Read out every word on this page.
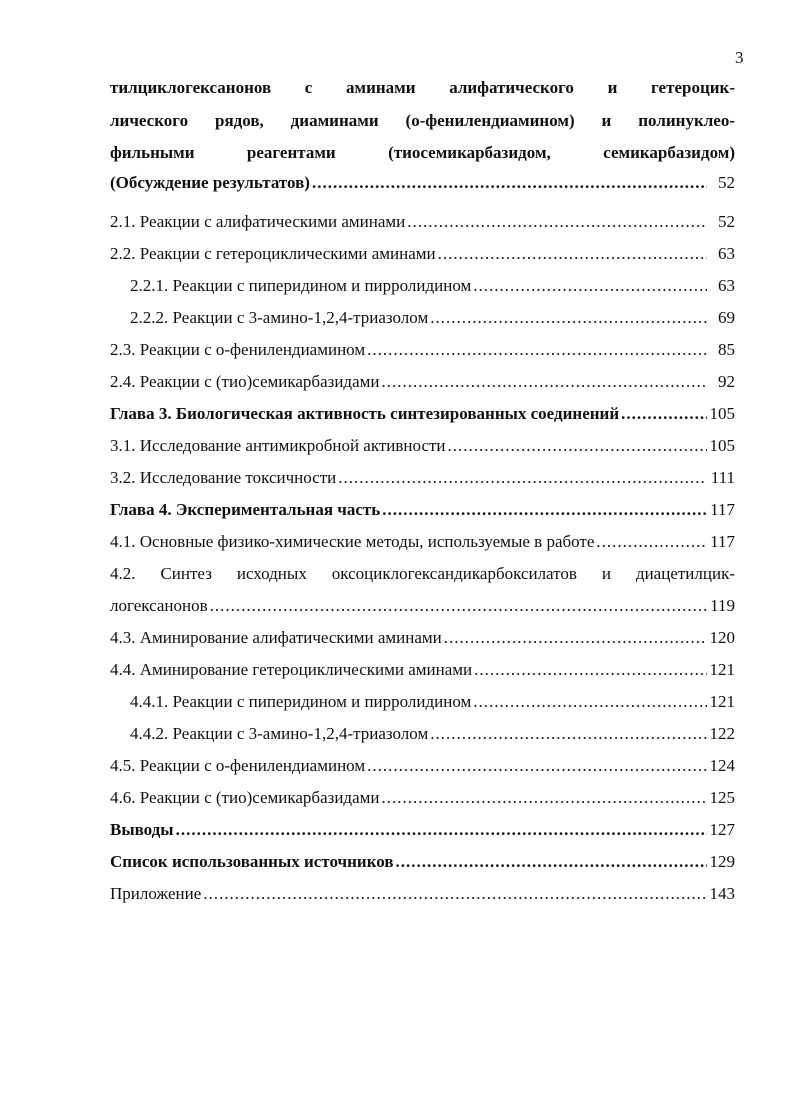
3
тилциклогексанонов с аминами алифатического и гетероцик-
лического рядов, диаминами (о-фенилендиамином) и полинуклео-
фильными реагентами (тиосемикарбазидом, семикарбазидом)
(Обсуждение результатов) .....	52
2.1. Реакции с алифатическими аминами .....	52
2.2. Реакции с гетероциклическими аминами .....	63
2.2.1. Реакции с пиперидином и пирролидином .....	63
2.2.2. Реакции с 3-амино-1,2,4-триазолом .....	69
2.3. Реакции с о-фенилендиамином .....	85
2.4. Реакции с (тио)семикарбазидами .....	92
Глава 3. Биологическая активность синтезированных соединений .....	105
3.1. Исследование антимикробной активности .....	105
3.2. Исследование токсичности .....	111
Глава 4. Экспериментальная часть .....	117
4.1. Основные физико-химические методы, используемые в работе .....	117
4.2. Синтез исходных оксоциклогександикарбоксилатов и диацетилцик-
логексанонов .....	119
4.3. Аминирование алифатическими аминами .....	120
4.4. Аминирование гетероциклическими аминами .....	121
4.4.1. Реакции с пиперидином и пирролидином .....	121
4.4.2. Реакции с 3-амино-1,2,4-триазолом .....	122
4.5. Реакции с о-фенилендиамином .....	124
4.6. Реакции с (тио)семикарбазидами .....	125
Выводы .....	127
Список использованных источников .....	129
Приложение .....	143
